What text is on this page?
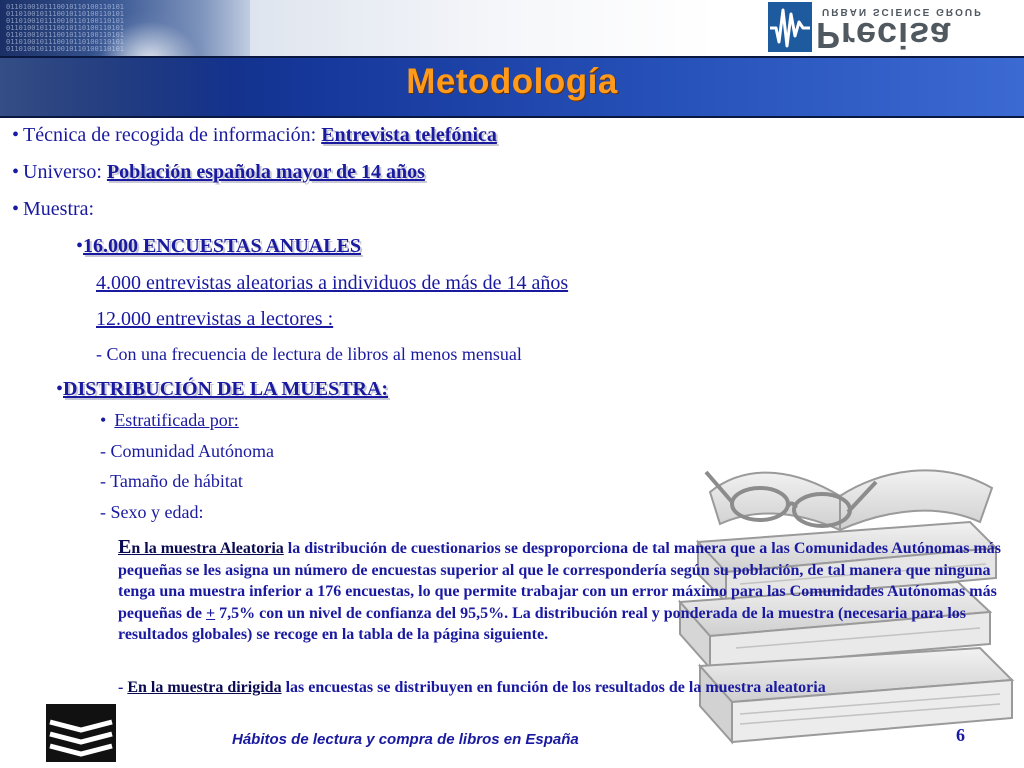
0110100101110010110100110101011010010111001011010011010101101001011100101101001101010110100101110010110100110101011010010111001011010011010101101001011100101101001101010110100101110010110100110101
Metodología
Precisa
URBAN SCIENCE GROUP
• Técnica de recogida de información: Entrevista telefónica
• Universo: Población española mayor de 14 años
• Muestra:
•16.000 ENCUESTAS ANUALES
4.000 entrevistas aleatorias a individuos de más de 14 años
12.000 entrevistas a lectores :
- Con una frecuencia de lectura de libros al menos mensual
•DISTRIBUCIÓN DE LA MUESTRA:
• Estratificada por:
- Comunidad Autónoma
- Tamaño de hábitat
- Sexo y edad:
En la muestra Aleatoria la distribución de cuestionarios se desproporciona de tal manera que a las Comunidades Autónomas más pequeñas se les asigna un número de encuestas superior al que le correspondería según su población, de tal manera que ninguna tenga una muestra inferior a 176 encuestas, lo que permite trabajar con un error máximo para las Comunidades Autónomas más pequeñas de + 7,5% con un nivel de confianza del 95,5%. La distribución real y ponderada de la muestra (necesaria para los resultados globales) se recoge en la tabla de la página siguiente.
- En la muestra dirigida las encuestas se distribuyen en función de los resultados de la muestra aleatoria
Hábitos de lectura y compra de libros en España	6
